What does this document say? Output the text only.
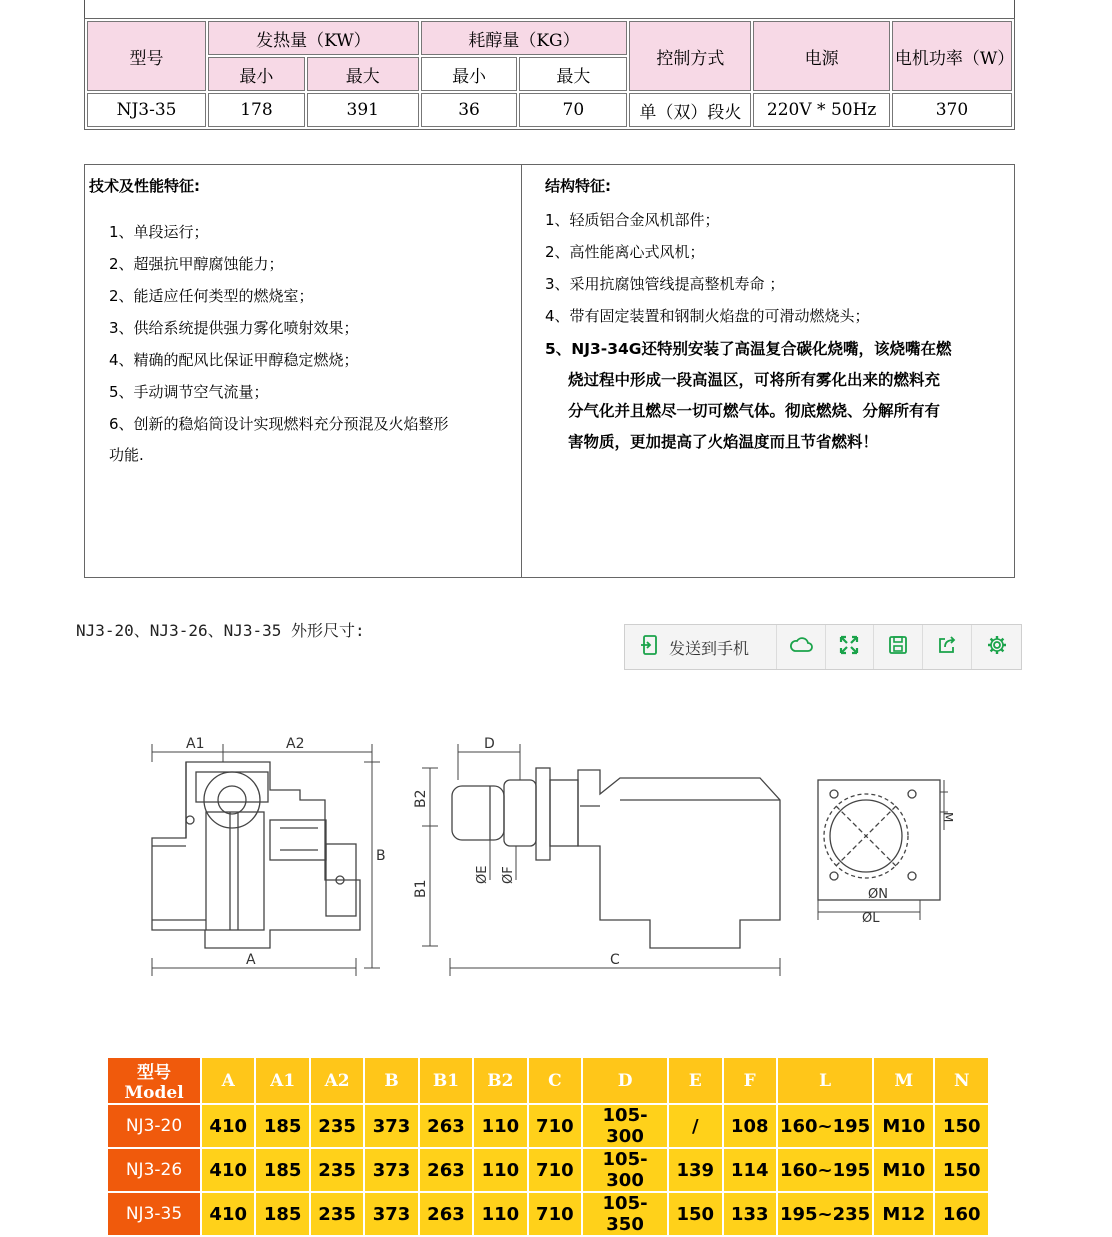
型号	发热量（KW）		耗醇量（KG）		控制方式	电源	电机功率（W）
	最小	最大	最小	最大			
NJ3-35	178	391	36	70	单（双）段火	220V * 50Hz	370
技术及性能特征:
1、单段运行；
2、超强抗甲醇腐蚀能力；
2、能适应任何类型的燃烧室；
3、供给系统提供强力雾化喷射效果；
4、精确的配风比保证甲醇稳定燃烧；
5、手动调节空气流量；
6、创新的稳焰筒设计实现燃料充分预混及火焰整形
功能.
结构特征:
1、轻质铝合金风机部件；
2、高性能离心式风机；
3、采用抗腐蚀管线提高整机寿命 ；
4、带有固定装置和钢制火焰盘的可滑动燃烧头；
5、NJ3-34G还特别安装了高温复合碳化烧嘴，该烧嘴在燃
烧过程中形成一段高温区，可将所有雾化出来的燃料充
分气化并且燃尽一切可燃气体。彻底燃烧、分解所有有
害物质，更加提高了火焰温度而且节省燃料！
NJ3-20、NJ3-26、NJ3-35 外形尺寸:
发送到手机
A1	A2
A
B
D
C
ØN
ØL
B2
B1
ØE ØF
M
型号 Model	A	A1	A2	B	B1	B2	C	D	E	F	L	M	N
NJ3-20	410	185	235	373	263	110	710	105-300	/	108	160~195	M10	150
NJ3-26	410	185	235	373	263	110	710	105-300	139	114	160~195	M10	150
NJ3-35	410	185	235	373	263	110	710	105-350	150	133	195~235	M12	160
